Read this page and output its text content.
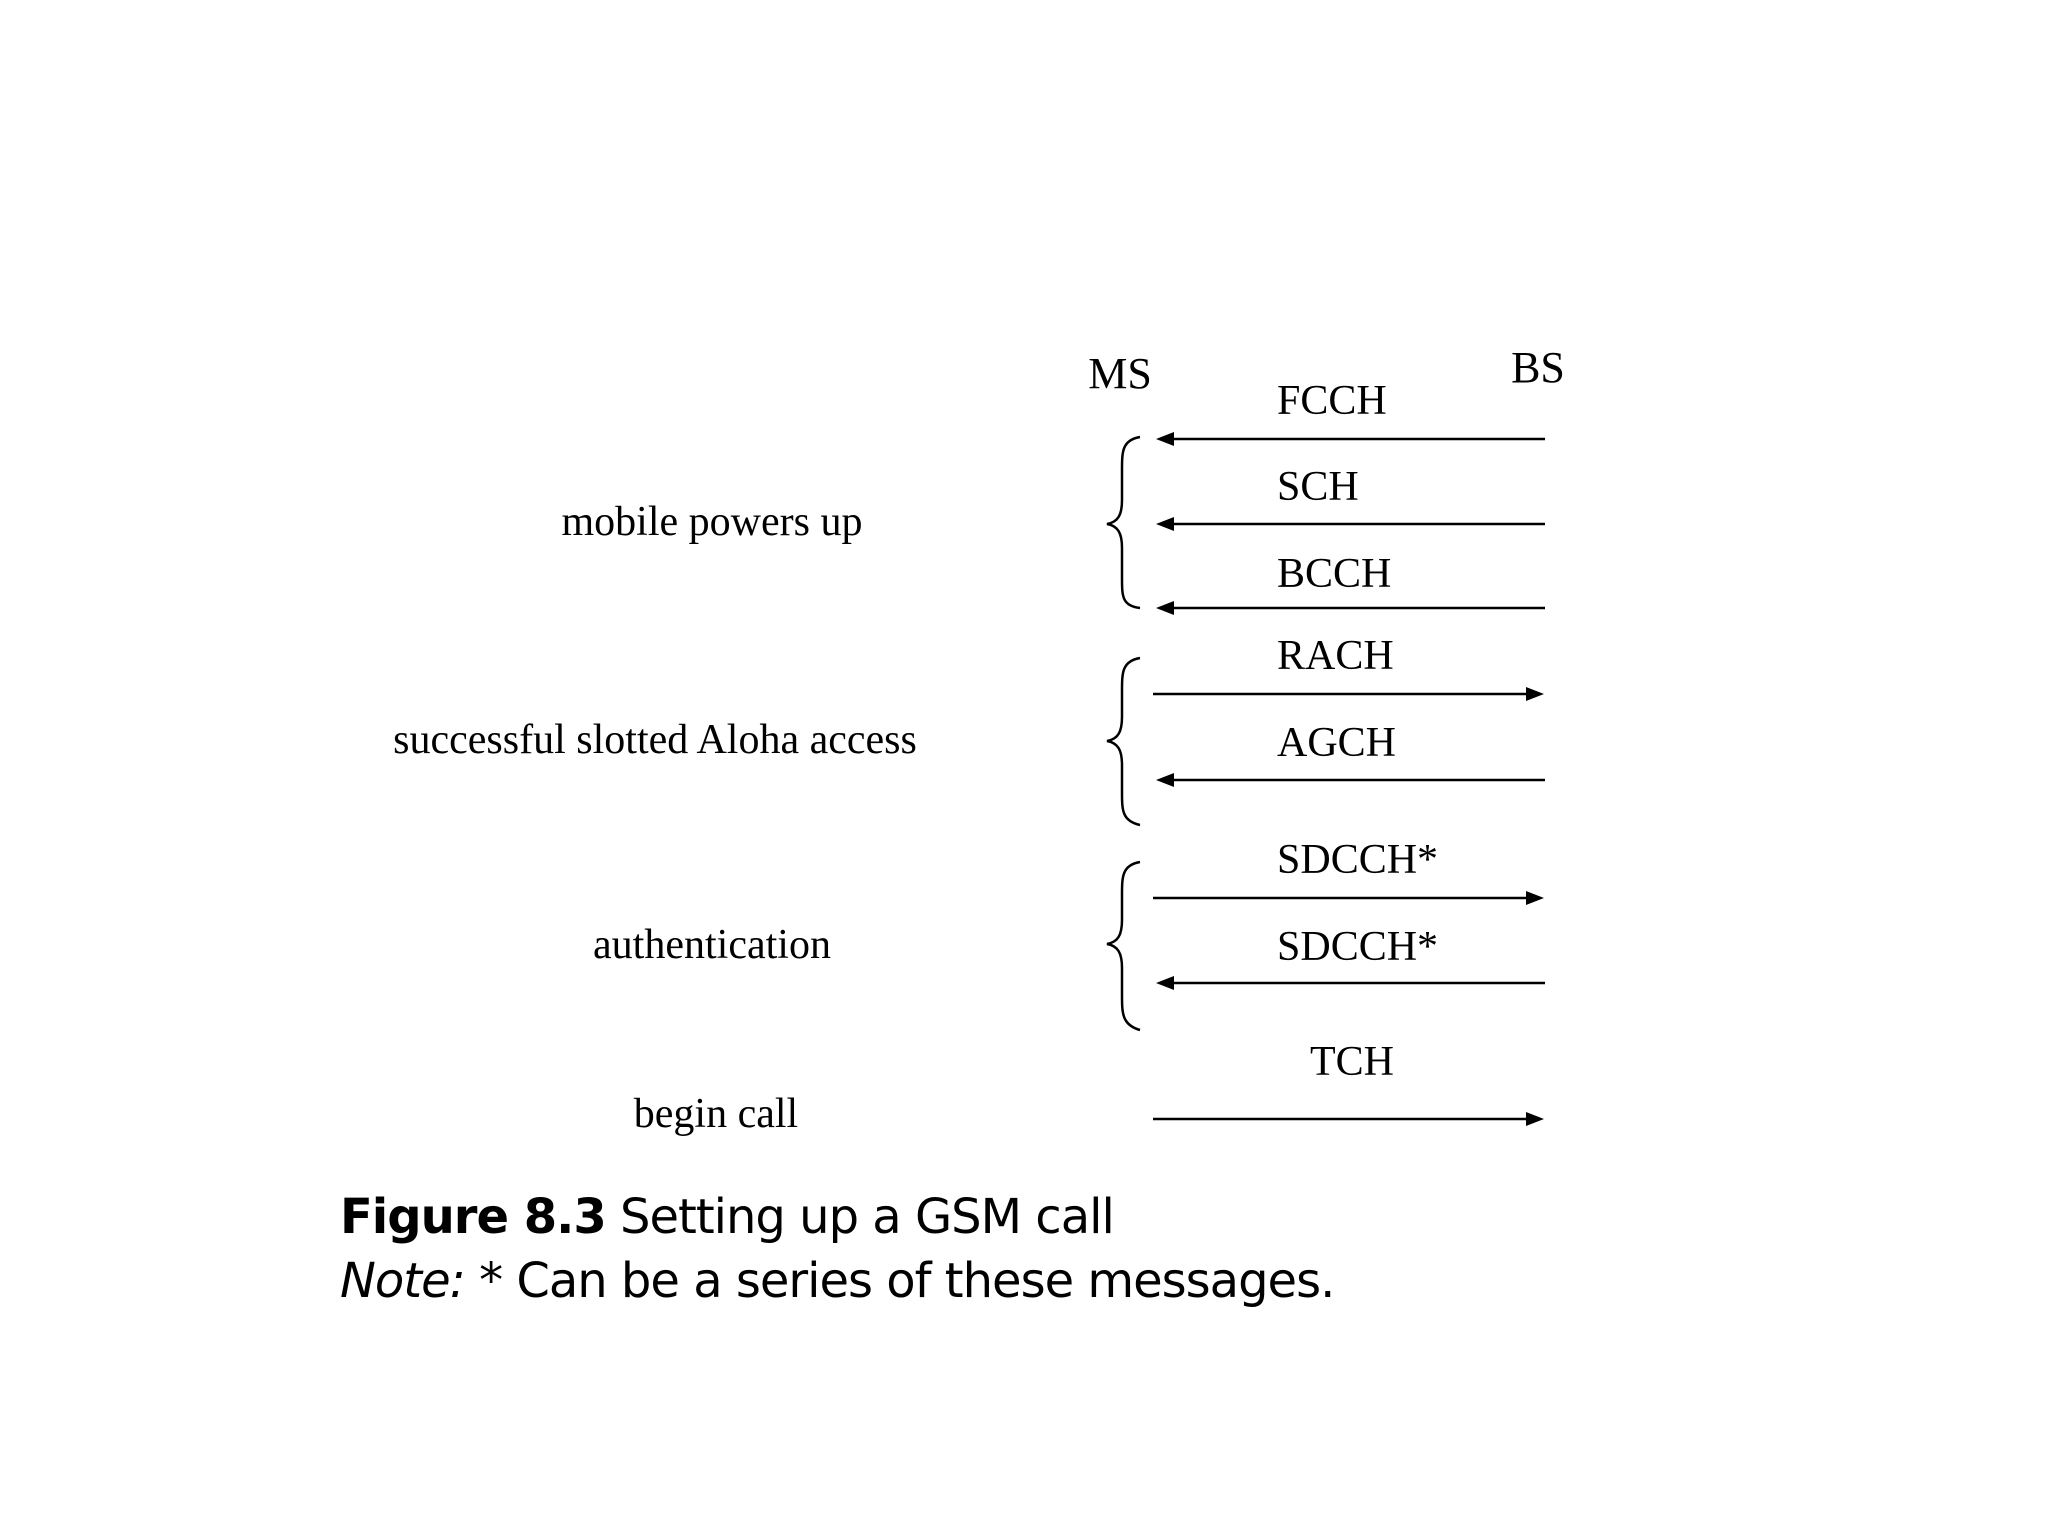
MS	BS
mobile powers up
successful slotted Aloha access
authentication
begin call
FCCH
SCH
BCCH
RACH
AGCH
SDCCH*
SDCCH*
TCH
Figure 8.3 Setting up a GSM call
Note: * Can be a series of these messages.
